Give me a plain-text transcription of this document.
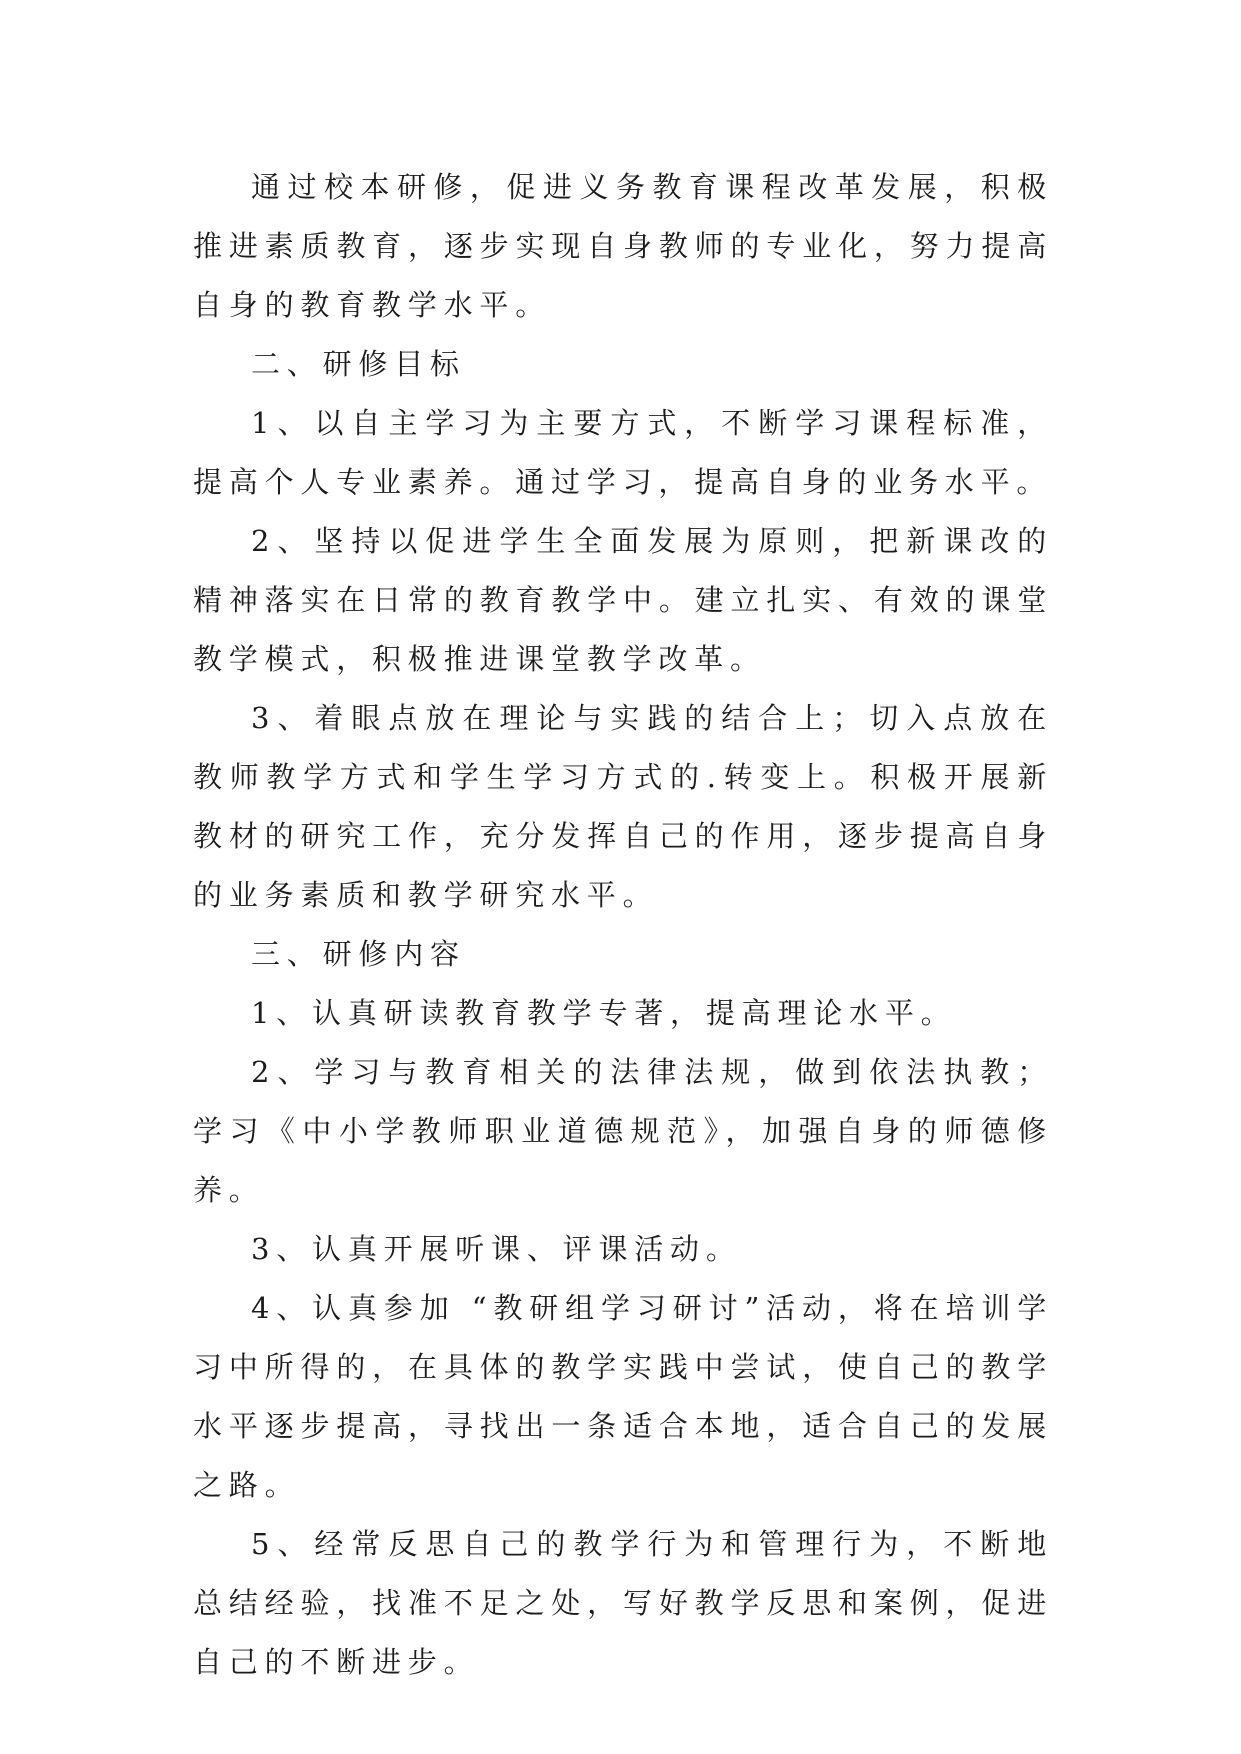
通过校本研修，促进义务教育课程改革发展，积极推进素质教育，逐步实现自身教师的专业化，努力提高自身的教育教学水平。

二、研修目标

1、以自主学习为主要方式，不断学习课程标准，提高个人专业素养。通过学习，提高自身的业务水平。

2、坚持以促进学生全面发展为原则，把新课改的精神落实在日常的教育教学中。建立扎实、有效的课堂教学模式，积极推进课堂教学改革。

3、着眼点放在理论与实践的结合上；切入点放在教师教学方式和学生学习方式的.转变上。积极开展新教材的研究工作，充分发挥自己的作用，逐步提高自身的业务素质和教学研究水平。

三、研修内容

1、认真研读教育教学专著，提高理论水平。

2、学习与教育相关的法律法规，做到依法执教；学习《中小学教师职业道德规范》，加强自身的师德修养。

3、认真开展听课、评课活动。

4、认真参加 “教研组学习研讨”活动，将在培训学习中所得的，在具体的教学实践中尝试，使自己的教学水平逐步提高，寻找出一条适合本地，适合自己的发展之路。

5、经常反思自己的教学行为和管理行为，不断地总结经验，找准不足之处，写好教学反思和案例，促进自己的不断进步。
